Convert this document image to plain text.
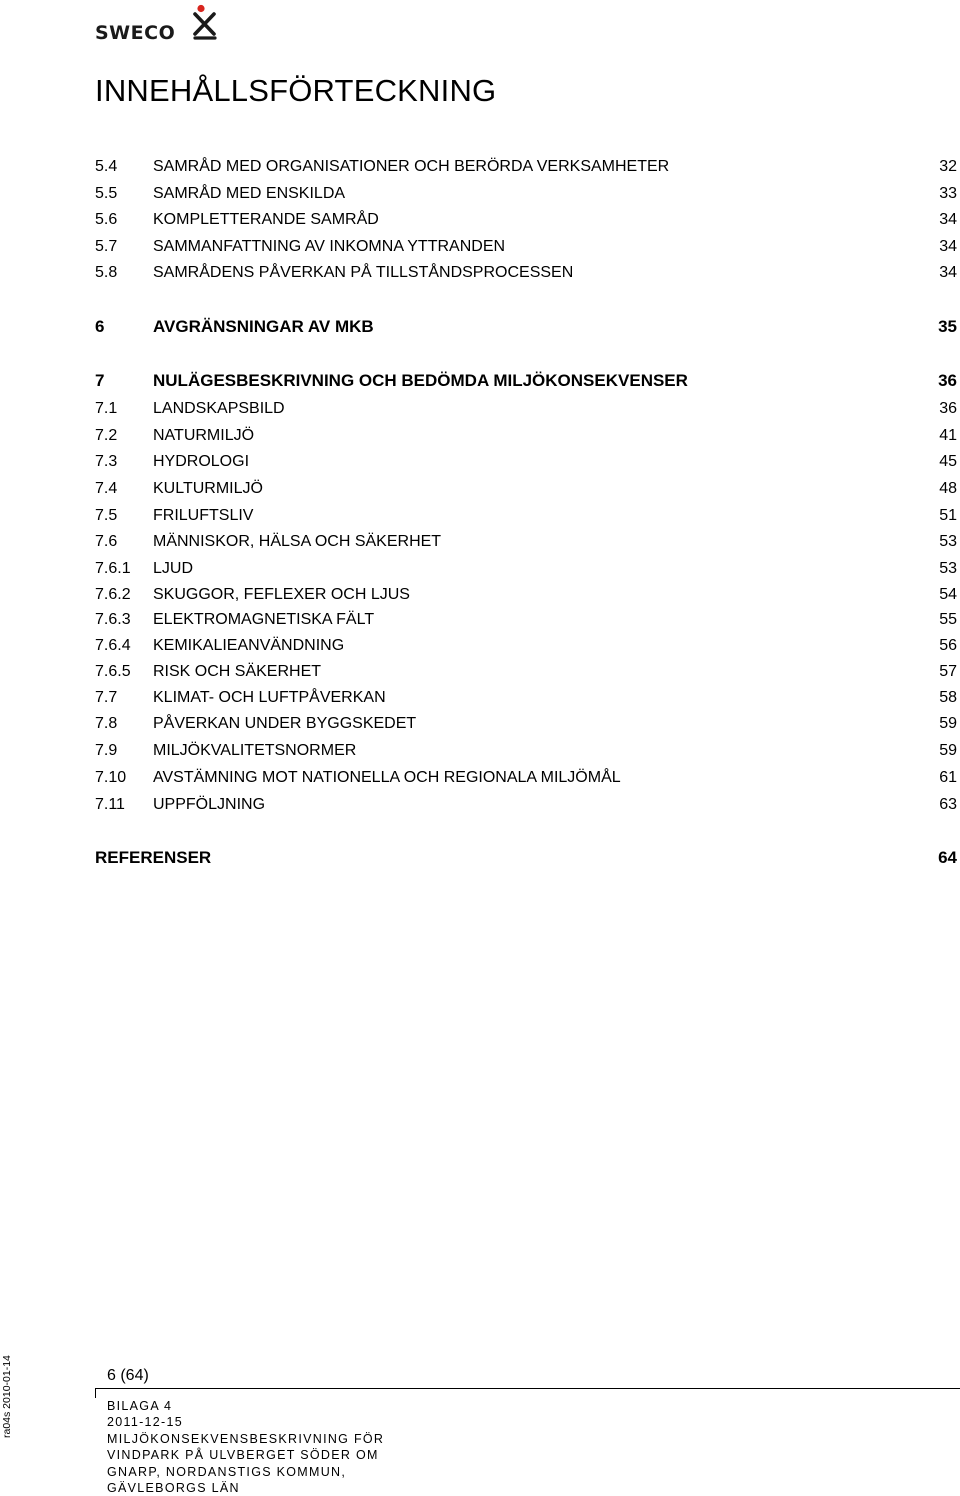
SWECO
INNEHÅLLSFÖRTECKNING
5.4 SAMRÅD MED ORGANISATIONER OCH BERÖRDA VERKSAMHETER	32
5.5 SAMRÅD MED ENSKILDA	33
5.6 KOMPLETTERANDE SAMRÅD	34
5.7 SAMMANFATTNING AV INKOMNA YTTRANDEN	34
5.8 SAMRÅDENS PÅVERKAN PÅ TILLSTÅNDSPROCESSEN	34
6	AVGRÄNSNINGAR AV MKB	35
7	NULÄGESBESKRIVNING OCH BEDÖMDA MILJÖKONSEKVENSER	36
7.1 LANDSKAPSBILD	36
7.2 NATURMILJÖ	41
7.3 HYDROLOGI	45
7.4 KULTURMILJÖ	48
7.5 FRILUFTSLIV	51
7.6 MÄNNISKOR, HÄLSA OCH SÄKERHET	53
7.6.1 LJUD	53
7.6.2 SKUGGOR, FEFLEXER OCH LJUS	54
7.6.3 ELEKTROMAGNETISKA FÄLT	55
7.6.4 KEMIKALIEANVÄNDNING	56
7.6.5 RISK OCH SÄKERHET	57
7.7 KLIMAT- OCH LUFTPÅVERKAN	58
7.8 PÅVERKAN UNDER BYGGSKEDET	59
7.9 MILJÖKVALITETSNORMER	59
7.10 AVSTÄMNING MOT NATIONELLA OCH REGIONALA MILJÖMÅL	61
7.11 UPPFÖLJNING	63
REFERENSER	64
6 (64)
BILAGA 4
2011-12-15
MILJÖKONSEKVENSBESKRIVNING FÖR
VINDPARK PÅ ULVBERGET SÖDER OM
GNARP, NORDANSTIGS KOMMUN,
GÄVLEBORGS LÄN
ra04s 2010-01-14
